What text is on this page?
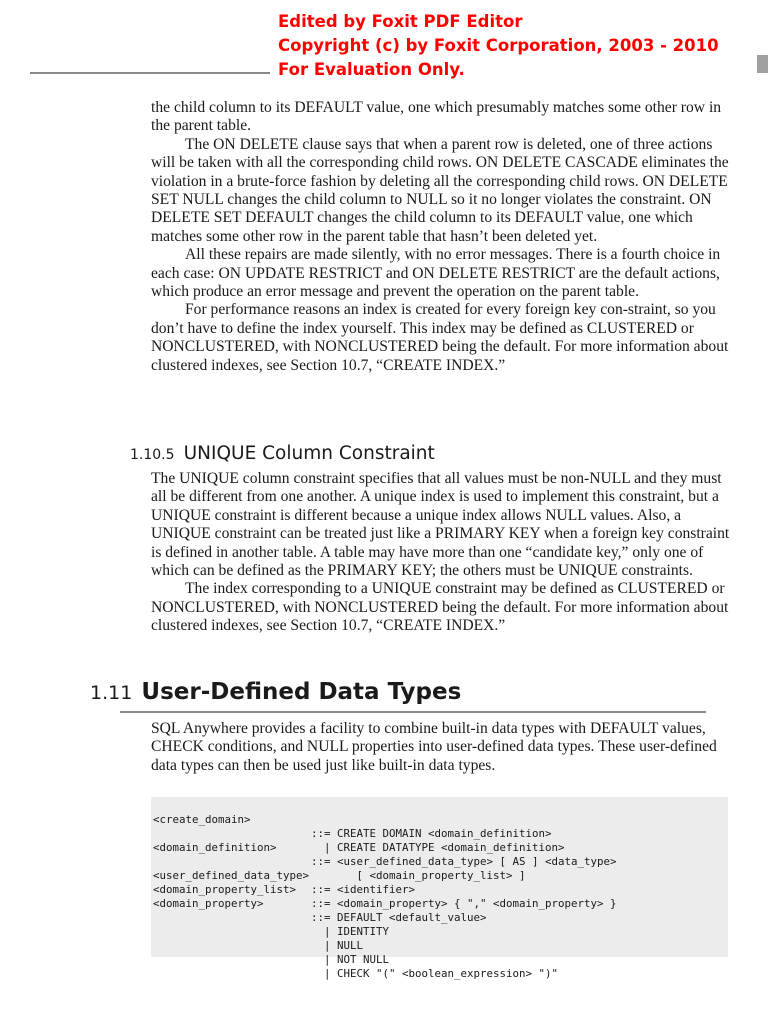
Edited by Foxit PDF Editor
Copyright (c) by Foxit Corporation, 2003 - 2010
For Evaluation Only.

the child column to its DEFAULT value, one which presumably matches some other row in the parent table.

The ON DELETE clause says that when a parent row is deleted, one of three actions will be taken with all the corresponding child rows. ON DELETE CASCADE eliminates the violation in a brute-force fashion by deleting all the corresponding child rows. ON DELETE SET NULL changes the child column to NULL so it no longer violates the constraint. ON DELETE SET DEFAULT changes the child column to its DEFAULT value, one which matches some other row in the parent table that hasn’t been deleted yet.

All these repairs are made silently, with no error messages. There is a fourth choice in each case: ON UPDATE RESTRICT and ON DELETE RESTRICT are the default actions, which produce an error message and prevent the operation on the parent table.

For performance reasons an index is created for every foreign key con-straint, so you don’t have to define the index yourself. This index may be defined as CLUSTERED or NONCLUSTERED, with NONCLUSTERED being the default. For more information about clustered indexes, see Section 10.7, “CREATE INDEX.”

1.10.5 UNIQUE Column Constraint

The UNIQUE column constraint specifies that all values must be non-NULL and they must all be different from one another. A unique index is used to implement this constraint, but a UNIQUE constraint is different because a unique index allows NULL values. Also, a UNIQUE constraint can be treated just like a PRIMARY KEY when a foreign key constraint is defined in another table. A table may have more than one “candidate key,” only one of which can be defined as the PRIMARY KEY; the others must be UNIQUE constraints.

The index corresponding to a UNIQUE constraint may be defined as CLUSTERED or NONCLUSTERED, with NONCLUSTERED being the default. For more information about clustered indexes, see Section 10.7, “CREATE INDEX.”

1.11 User-Defined Data Types

SQL Anywhere provides a facility to combine built-in data types with DEFAULT values, CHECK conditions, and NULL properties into user-defined data types. These user-defined data types can then be used just like built-in data types.

<create_domain>

::= CREATE DOMAIN <domain_definition>

| CREATE DATATYPE <domain_definition>

<domain_definition>

::= <user_defined_data_type> [ AS ] <data_type>

[ <domain_property_list> ]

<user_defined_data_type>

::= <identifier>

<domain_property_list>

::= <domain_property> { "," <domain_property> }

<domain_property>

::= DEFAULT <default_value>

| IDENTITY

| NULL

| NOT NULL

| CHECK "(" <boolean_expression> ")"
